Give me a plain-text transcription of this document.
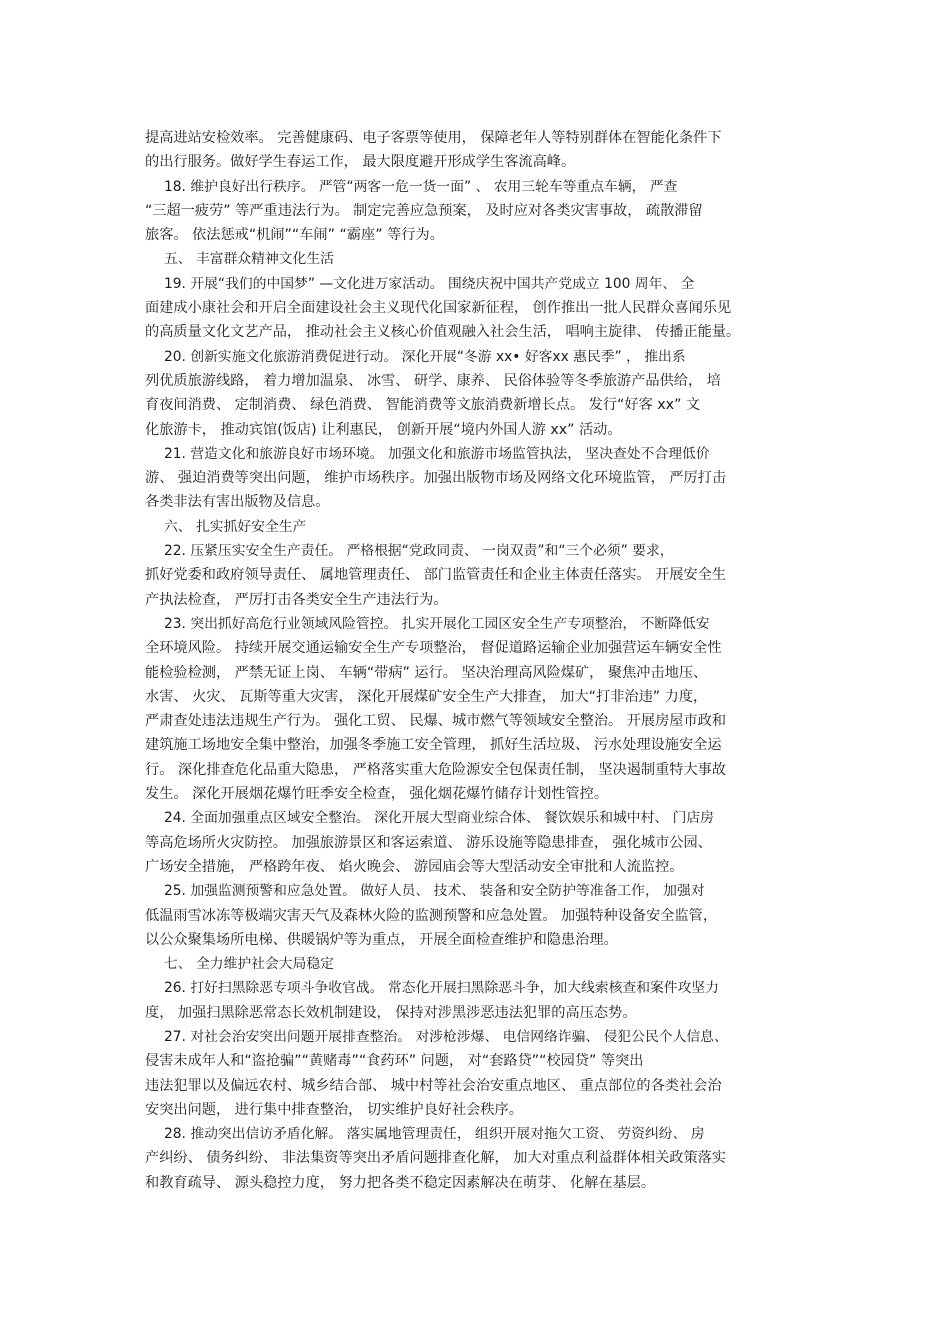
提高进站安检效率。 完善健康码、电子客票等使用， 保障老年人等特别群体在智能化条件下
的出行服务。做好学生春运工作， 最大限度避开形成学生客流高峰。
18. 维护良好出行秩序。 严管“两客一危一货一面” 、 农用三轮车等重点车辆， 严查
“三超一疲劳” 等严重违法行为。 制定完善应急预案， 及时应对各类灾害事故， 疏散滞留
旅客。 依法惩戒“机闹”“车闹” “霸座” 等行为。
五、 丰富群众精神文化生活
19. 开展“我们的中国梦” —文化进万家活动。 围绕庆祝中国共产党成立 100 周年、 全
面建成小康社会和开启全面建设社会主义现代化国家新征程， 创作推出一批人民群众喜闻乐见
的高质量文化文艺产品， 推动社会主义核心价值观融入社会生活， 唱响主旋律、 传播正能量。
20. 创新实施文化旅游消费促进行动。 深化开展“冬游 xx• 好客xx 惠民季” ， 推出系
列优质旅游线路， 着力增加温泉、 冰雪、 研学、康养、 民俗体验等冬季旅游产品供给， 培
育夜间消费、 定制消费、 绿色消费、 智能消费等文旅消费新增长点。 发行“好客 xx” 文
化旅游卡， 推动宾馆(饭店) 让利惠民， 创新开展“境内外国人游 xx” 活动。
21. 营造文化和旅游良好市场环境。 加强文化和旅游市场监管执法， 坚决查处不合理低价
游、 强迫消费等突出问题， 维护市场秩序。加强出版物市场及网络文化环境监管， 严厉打击
各类非法有害出版物及信息。
六、 扎实抓好安全生产
22. 压紧压实安全生产责任。 严格根据“党政同责、 一岗双责”和“三个必须” 要求，
抓好党委和政府领导责任、 属地管理责任、 部门监管责任和企业主体责任落实。 开展安全生
产执法检查， 严厉打击各类安全生产违法行为。
23. 突出抓好高危行业领域风险管控。 扎实开展化工园区安全生产专项整治， 不断降低安
全环境风险。 持续开展交通运输安全生产专项整治， 督促道路运输企业加强营运车辆安全性
能检验检测， 严禁无证上岗、 车辆“带病” 运行。 坚决治理高风险煤矿， 聚焦冲击地压、
水害、 火灾、 瓦斯等重大灾害， 深化开展煤矿安全生产大排查， 加大“打非治违” 力度，
严肃查处违法违规生产行为。 强化工贸、 民爆、城市燃气等领域安全整治。 开展房屋市政和
建筑施工场地安全集中整治，加强冬季施工安全管理， 抓好生活垃圾、 污水处理设施安全运
行。 深化排查危化品重大隐患， 严格落实重大危险源安全包保责任制， 坚决遏制重特大事故
发生。 深化开展烟花爆竹旺季安全检查， 强化烟花爆竹储存计划性管控。
24. 全面加强重点区域安全整治。 深化开展大型商业综合体、 餐饮娱乐和城中村、 门店房
等高危场所火灾防控。 加强旅游景区和客运索道、 游乐设施等隐患排查， 强化城市公园、
广场安全措施， 严格跨年夜、 焰火晚会、 游园庙会等大型活动安全审批和人流监控。
25. 加强监测预警和应急处置。 做好人员、 技术、 装备和安全防护等准备工作， 加强对
低温雨雪冰冻等极端灾害天气及森林火险的监测预警和应急处置。 加强特种设备安全监管，
以公众聚集场所电梯、供暖锅炉等为重点， 开展全面检查维护和隐患治理。
七、 全力维护社会大局稳定
26. 打好扫黑除恶专项斗争收官战。 常态化开展扫黑除恶斗争，加大线索核查和案件攻坚力
度， 加强扫黑除恶常态长效机制建设， 保持对涉黑涉恶违法犯罪的高压态势。
27. 对社会治安突出问题开展排查整治。 对涉枪涉爆、 电信网络诈骗、 侵犯公民个人信息、
侵害未成年人和“盗抢骗”“黄赌毒”“食药环” 问题， 对“套路贷”“校园贷” 等突出
违法犯罪以及偏远农村、城乡结合部、 城中村等社会治安重点地区、 重点部位的各类社会治
安突出问题， 进行集中排查整治， 切实维护良好社会秩序。
28. 推动突出信访矛盾化解。 落实属地管理责任， 组织开展对拖欠工资、 劳资纠纷、 房
产纠纷、 债务纠纷、 非法集资等突出矛盾问题排查化解， 加大对重点利益群体相关政策落实
和教育疏导、 源头稳控力度， 努力把各类不稳定因素解决在萌芽、 化解在基层。
